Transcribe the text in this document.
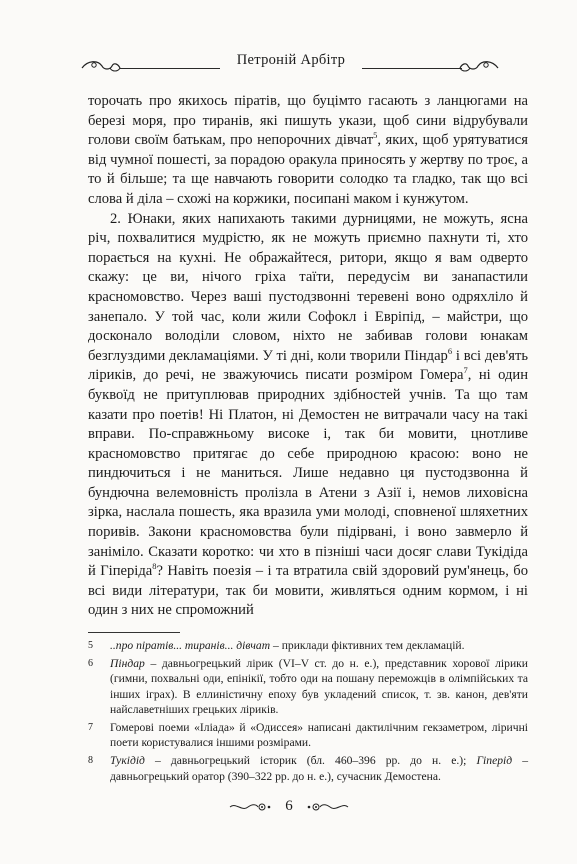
Петроній Арбітр

торочать про якихось піратів, що буцімто гасають з ланцюгами на березі моря, про тиранів, які пишуть укази, щоб сини відрубували голови своїм батькам, про непорочних дівчат$^5$, яких, щоб урятуватися від чумної пошесті, за порадою оракула приносять у жертву по троє, а то й більше; та ще навчають говорити солодко та гладко, так що всі слова й діла – схожі на коржики, посипані маком і кунжутом.

2. Юнаки, яких напихають такими дурницями, не можуть, ясна річ, похвалитися мудрістю, як не можуть приємно пахнути ті, хто порається на кухні. Не ображайтеся, ритори, якщо я вам одверто скажу: це ви, нічого гріха таїти, передусім ви занапастили красномовство. Через ваші пустодзвонні теревені воно одряхліло й занепало. У той час, коли жили Софокл і Евріпід, – майстри, що досконало володіли словом, ніхто не забивав голови юнакам безглуздими декламаціями. У ті дні, коли творили Піндар$^6$ і всі дев'ять ліриків, до речі, не зважуючись писати розміром Гомера$^7$, ні один буквоїд не притуплював природних здібностей учнів. Та що там казати про поетів! Ні Платон, ні Демостен не витрачали часу на такі вправи. По-справжньому високе і, так би мовити, цнотливе красномовство притягає до себе природною красою: воно не пиндючиться і не маниться. Лише недавно ця пустодзвонна й бундючна велемовність пролізла в Атени з Азії і, немов лиховісна зірка, наслала пошесть, яка вразила уми молоді, сповненої шляхетних поривів. Закони красномовства були підірвані, і воно завмерло й заніміло. Сказати коротко: чи хто в пізніші часи досяг слави Тукідіда й Гіперіда$^8$? Навіть поезія – і та втратила свій здоровий рум'янець, бо всі види літератури, так би мовити, живляться одним кормом, і ні один з них не спроможний

5 ..про піратів... тиранів... дівчат – приклади фіктивних тем декламацій.
6 Піндар – давньогрецький лірик (VI–V ст. до н. е.), представник хорової лірики (гимни, похвальні оди, епінікії, тобто оди на пошану переможців в олімпійських та інших іграх). В еллиністичну епоху був укладений список, т. зв. канон, дев'яти найславетніших грецьких ліриків.
7 Гомерові поеми «Іліада» й «Одиссея» написані дактилічним гекзаметром, ліричні поети користувалися іншими розмірами.
8 Тукідід – давньогрецький історик (бл. 460–396 рр. до н. е.); Гіперід – давньогрецький оратор (390–322 рр. до н. е.), сучасник Демостена.
6
